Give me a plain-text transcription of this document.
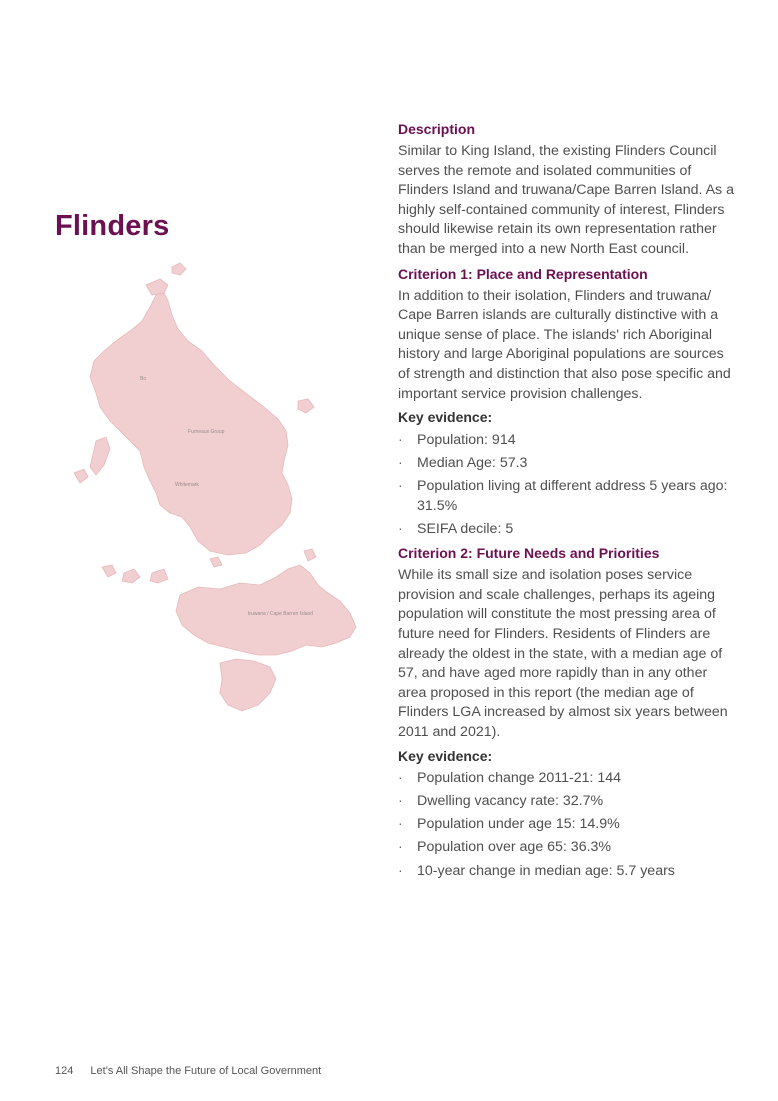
Flinders
Bo
Furneaux Group
Whitemark
truwana / Cape Barren Island
Description

Similar to King Island, the existing Flinders Council serves the remote and isolated communities of Flinders Island and truwana/Cape Barren Island. As a highly self-contained community of interest, Flinders should likewise retain its own representation rather than be merged into a new North East council.

Criterion 1: Place and Representation

In addition to their isolation, Flinders and truwana/ Cape Barren islands are culturally distinctive with a unique sense of place. The islands' rich Aboriginal history and large Aboriginal populations are sources of strength and distinction that also pose specific and important service provision challenges.

Key evidence:
· Population: 914
· Median Age: 57.3
· Population living at different address 5 years ago: 31.5%
· SEIFA decile: 5
Criterion 2: Future Needs and Priorities

While its small size and isolation poses service provision and scale challenges, perhaps its ageing population will constitute the most pressing area of future need for Flinders. Residents of Flinders are already the oldest in the state, with a median age of 57, and have aged more rapidly than in any other area proposed in this report (the median age of Flinders LGA increased by almost six years between 2011 and 2021).

Key evidence:
· Population change 2011-21: 144
· Dwelling vacancy rate: 32.7%
· Population under age 15: 14.9%
· Population over age 65: 36.3%
· 10-year change in median age: 5.7 years
124 Let's All Shape the Future of Local Government
